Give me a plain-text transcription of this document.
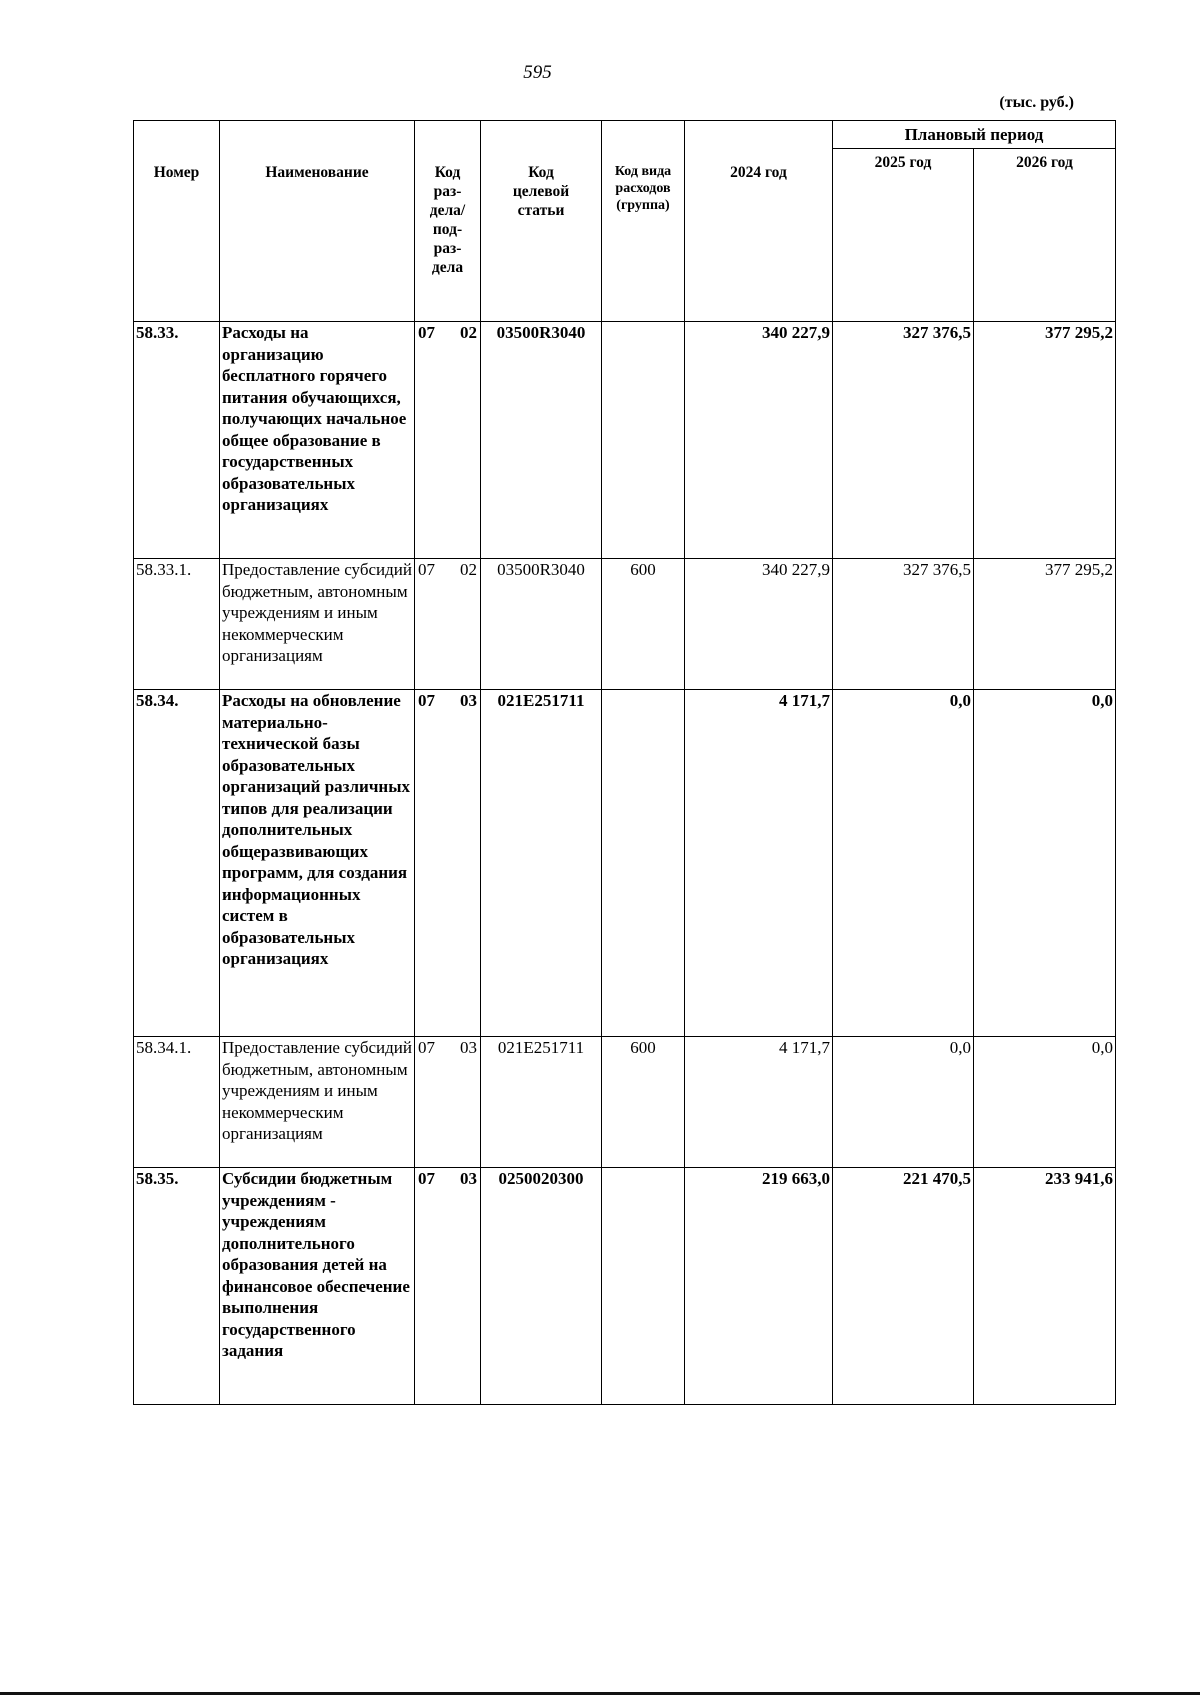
595
(тыс. руб.)
Номер	Наименование	Код раз-дела/ под-раз-дела	Код целевой статьи	Код вида расходов (группа)	2024 год	Плановый период	
						2025 год	2026 год
58.33.	Расходы на организацию бесплатного горячего питания обучающихся, получающих начальное общее образование в государственных образовательных организациях	07 02	03500R3040		340 227,9	327 376,5	377 295,2
58.33.1.	Предоставление субсидий бюджетным, автономным учреждениям и иным некоммерческим организациям	07 02	03500R3040	600	340 227,9	327 376,5	377 295,2
58.34.	Расходы на обновление материально-технической базы образовательных организаций различных типов для реализации дополнительных общеразвивающих программ, для создания информационных систем в образовательных организациях	07 03	021E251711		4 171,7	0,0	0,0
58.34.1.	Предоставление субсидий бюджетным, автономным учреждениям и иным некоммерческим организациям	07 03	021E251711	600	4 171,7	0,0	0,0
58.35.	Субсидии бюджетным учреждениям - учреждениям дополнительного образования детей на финансовое обеспечение выполнения государственного задания	07 03	0250020300		219 663,0	221 470,5	233 941,6
